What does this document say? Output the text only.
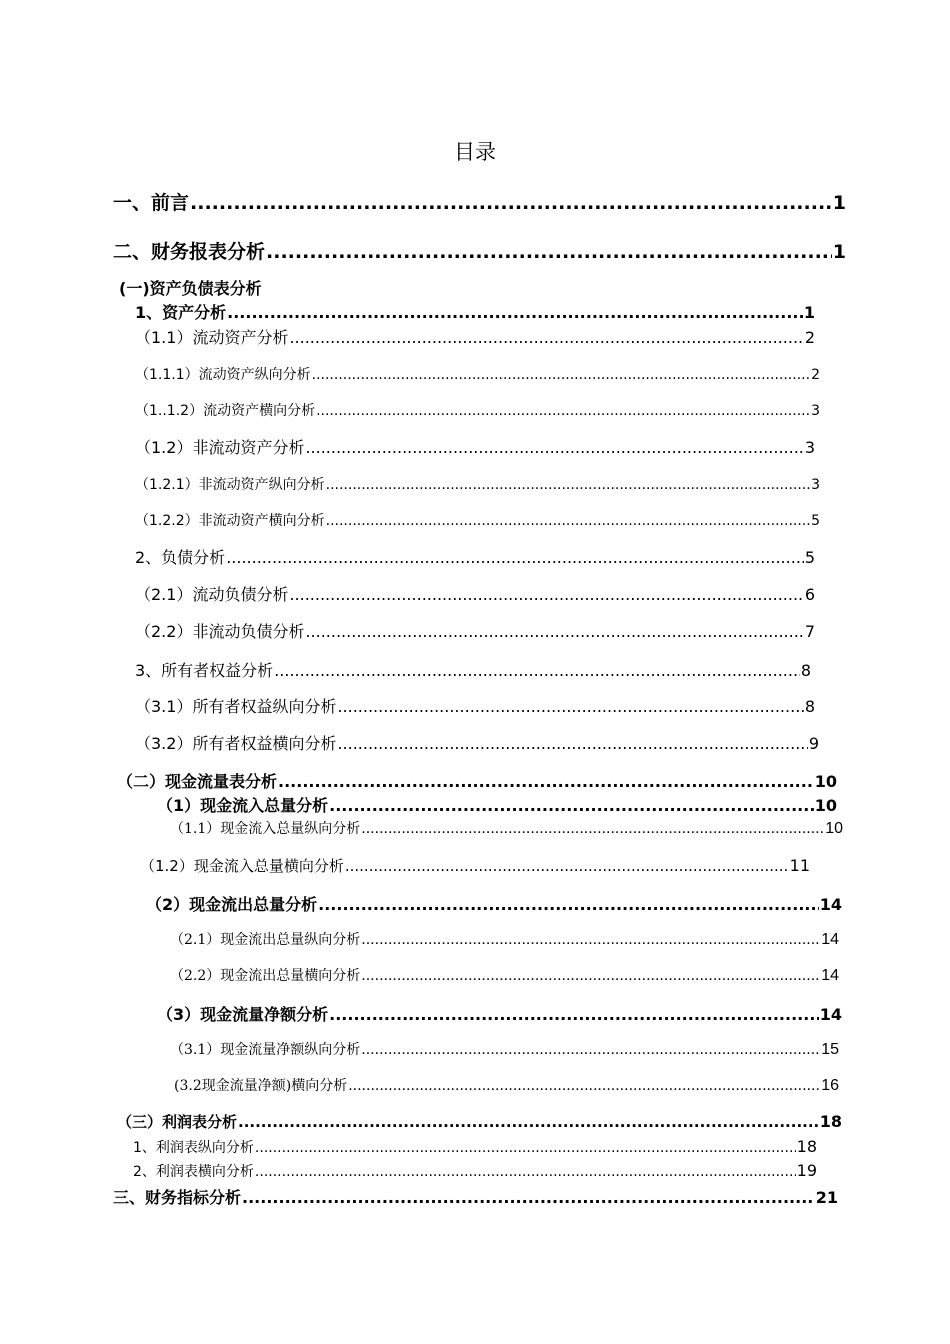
目录
一、前言 .....	1
二、财务报表分析 .....	1
(一)资产负债表分析
1、资产分析 .....	1
（1.1）流动资产分析 .....	2
（1.1.1）流动资产纵向分析 .....	2
（1..1.2）流动资产横向分析 .....	3
（1.2）非流动资产分析 .....	3
（1.2.1）非流动资产纵向分析 .....	3
（1.2.2）非流动资产横向分析 .....	5
2、负债分析 .....	5
（2.1）流动负债分析 .....	6
（2.2）非流动负债分析 .....	7
3、所有者权益分析 .....	8
（3.1）所有者权益纵向分析 .....	8
（3.2）所有者权益横向分析 .....	9
（二）现金流量表分析 .....	10
（1）现金流入总量分析 .....	10
（1.1）现金流入总量纵向分析 .....	10
（1.2）现金流入总量横向分析 .....	11
（2）现金流出总量分析 .....	14
（2.1）现金流出总量纵向分析 .....	14
（2.2）现金流出总量横向分析 .....	14
（3）现金流量净额分析 .....	14
（3.1）现金流量净额纵向分析 .....	15
(3.2现金流量净额)横向分析 .....	16
（三）利润表分析 .....	18
1、利润表纵向分析 .....	18
2、利润表横向分析 .....	19
三、财务指标分析 .....	21
